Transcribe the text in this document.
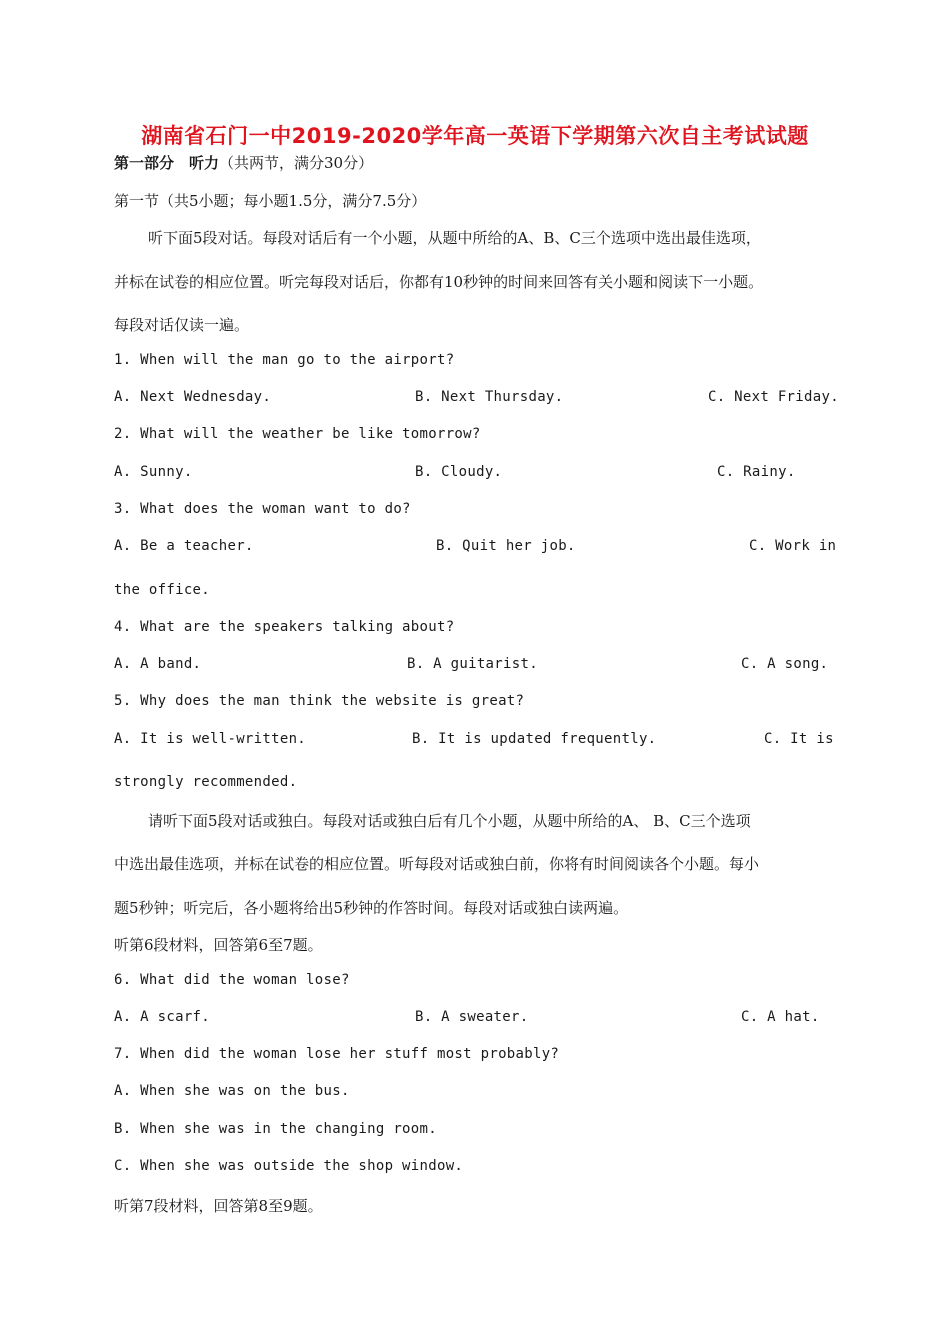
湖南省石门一中2019-2020学年高一英语下学期第六次自主考试试题
第一部分　听力（共两节，满分30分）
第一节（共5小题；每小题1.5分，满分7.5分）
听下面5段对话。每段对话后有一个小题，从题中所给的A、B、C三个选项中选出最佳选项，
并标在试卷的相应位置。听完每段对话后，你都有10秒钟的时间来回答有关小题和阅读下一小题。
每段对话仅读一遍。
1. When will the man go to the airport?
A. Next Wednesday.	B. Next Thursday.	C. Next Friday.
2. What will the weather be like tomorrow?
A. Sunny.	B. Cloudy.	C. Rainy.
3. What does the woman want to do?
A. Be a teacher.	B. Quit her job.	C. Work in
the office.
4. What are the speakers talking about?
A. A band.	B. A guitarist.	C. A song.
5. Why does the man think the website is great?
A. It is well-written.	B. It is updated frequently.	C. It is
strongly recommended.
请听下面5段对话或独白。每段对话或独白后有几个小题，从题中所给的A、 B、C三个选项
中选出最佳选项，并标在试卷的相应位置。听每段对话或独白前，你将有时间阅读各个小题。每小
题5秒钟；听完后，各小题将给出5秒钟的作答时间。每段对话或独白读两遍。
听第6段材料，回答第6至7题。
6. What did the woman lose?
A. A scarf.	B. A sweater.	C. A hat.
7. When did the woman lose her stuff most probably?
A. When she was on the bus.
B. When she was in the changing room.
C. When she was outside the shop window.
听第7段材料，回答第8至9题。
